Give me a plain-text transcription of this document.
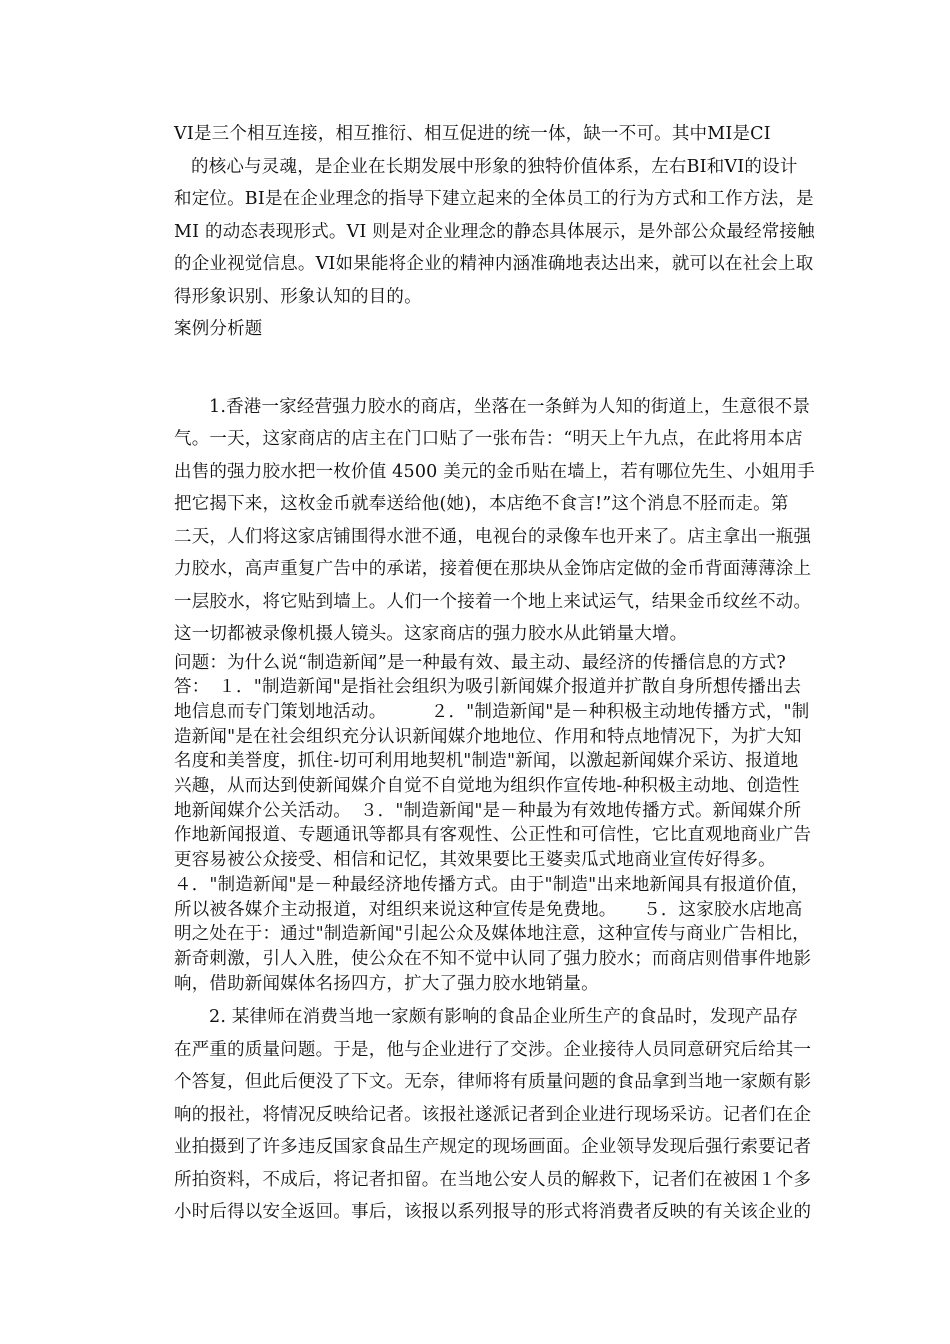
VI是三个相互连接，相互推衍、相互促进的统一体，缺一不可。其中MI是CI
的核心与灵魂，是企业在长期发展中形象的独特价值体系，左右BI和VI的设计
和定位。BI是在企业理念的指导下建立起来的全体员工的行为方式和工作方法，是
MI 的动态表现形式。VI 则是对企业理念的静态具体展示，是外部公众最经常接触
的企业视觉信息。VI如果能将企业的精神内涵准确地表达出来，就可以在社会上取
得形象识别、形象认知的目的。

案例分析题

1.香港一家经营强力胶水的商店，坐落在一条鲜为人知的街道上，生意很不景
气。一天，这家商店的店主在门口贴了一张布告：“明天上午九点，在此将用本店
出售的强力胶水把一枚价值 4500 美元的金币贴在墙上，若有哪位先生、小姐用手
把它揭下来，这枚金币就奉送给他(她)，本店绝不食言!”这个消息不胫而走。第
二天，人们将这家店铺围得水泄不通，电视台的录像车也开来了。店主拿出一瓶强
力胶水，高声重复广告中的承诺，接着便在那块从金饰店定做的金币背面薄薄涂上
一层胶水，将它贴到墙上。人们一个接着一个地上来试运气，结果金币纹丝不动。
这一切都被录像机摄人镜头。这家商店的强力胶水从此销量大增。

问题：为什么说“制造新闻”是一种最有效、最主动、最经济的传播信息的方式?
答：　１．"制造新闻"是指社会组织为吸引新闻媒介报道并扩散自身所想传播出去
地信息而专门策划地活动。　　　２．"制造新闻"是－种积极主动地传播方式，"制
造新闻"是在社会组织充分认识新闻媒介地地位、作用和特点地情况下，为扩大知
名度和美誉度，抓住-切可利用地契机"制造"新闻，以激起新闻媒介采访、报道地
兴趣，从而达到使新闻媒介自觉不自觉地为组织作宣传地-种积极主动地、创造性
地新闻媒介公关活动。　３．"制造新闻"是－种最为有效地传播方式。新闻媒介所
作地新闻报道、专题通讯等都具有客观性、公正性和可信性，它比直观地商业广告
更容易被公众接受、相信和记忆，其效果要比王婆卖瓜式地商业宣传好得多。
４．"制造新闻"是－种最经济地传播方式。由于"制造"出来地新闻具有报道价值，
所以被各媒介主动报道，对组织来说这种宣传是免费地。　　５．这家胶水店地高
明之处在于：通过"制造新闻"引起公众及媒体地注意，这种宣传与商业广告相比，
新奇刺激，引人入胜，使公众在不知不觉中认同了强力胶水；而商店则借事件地影
响，借助新闻媒体名扬四方，扩大了强力胶水地销量。

2. 某律师在消费当地一家颇有影响的食品企业所生产的食品时，发现产品存
在严重的质量问题。于是，他与企业进行了交涉。企业接待人员同意研究后给其一
个答复，但此后便没了下文。无奈，律师将有质量问题的食品拿到当地一家颇有影
响的报社，将情况反映给记者。该报社遂派记者到企业进行现场采访。记者们在企
业拍摄到了许多违反国家食品生产规定的现场画面。企业领导发现后强行索要记者
所拍资料，不成后，将记者扣留。在当地公安人员的解救下，记者们在被困１个多
小时后得以安全返回。事后，该报以系列报导的形式将消费者反映的有关该企业的
